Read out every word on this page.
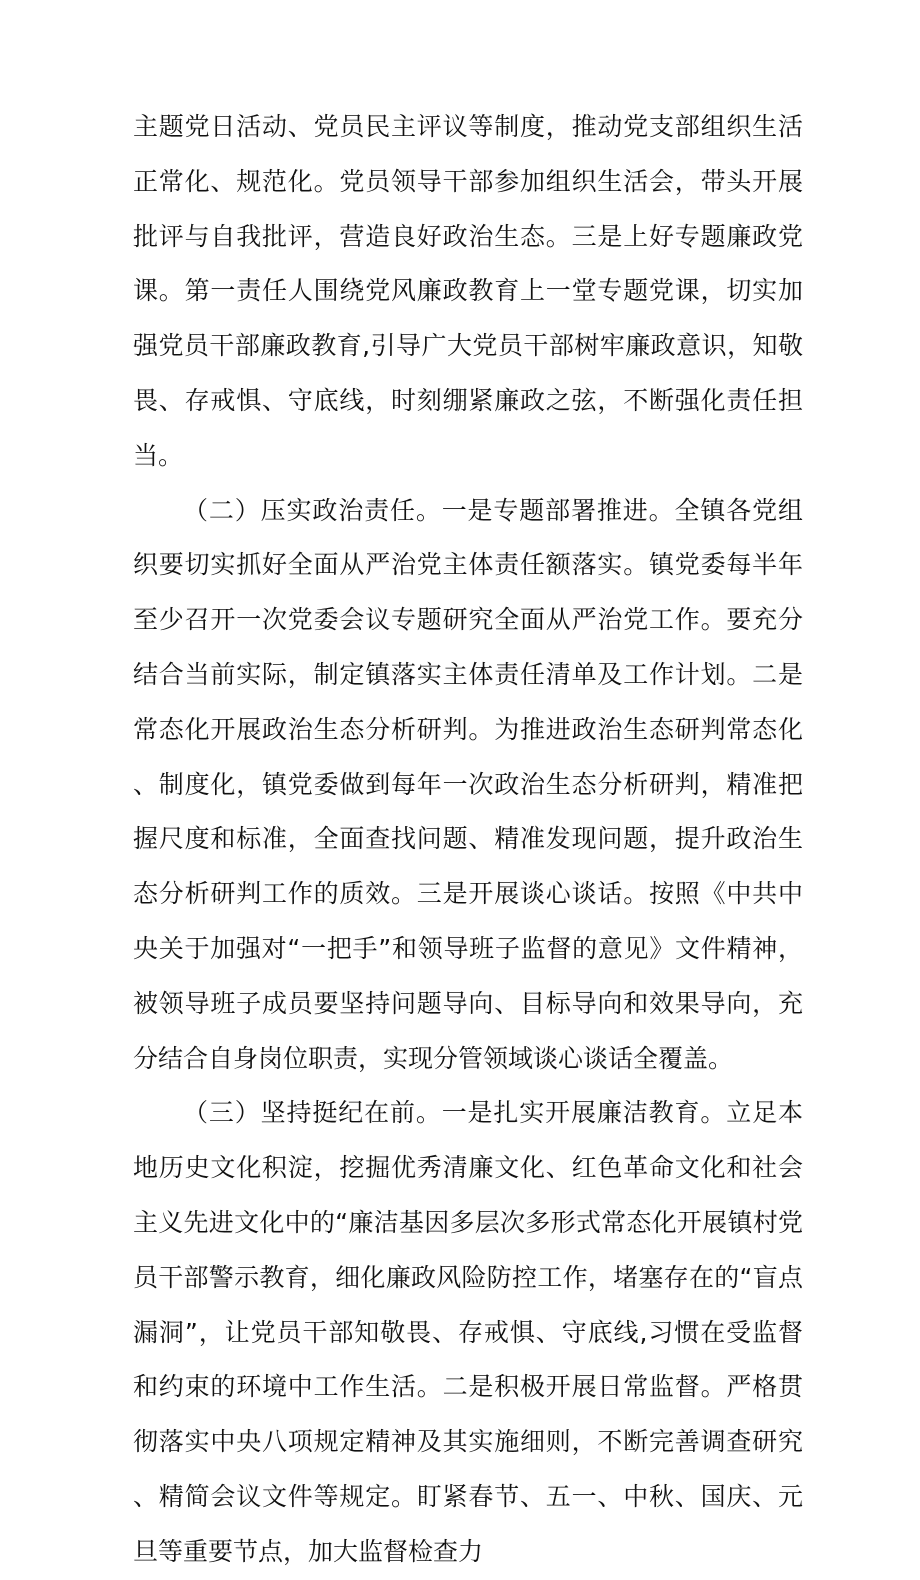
主题党日活动、党员民主评议等制度，推动党支部组织生活正常化、规范化。党员领导干部参加组织生活会，带头开展批评与自我批评，营造良好政治生态。三是上好专题廉政党课。第一责任人围绕党风廉政教育上一堂专题党课，切实加强党员干部廉政教育,引导广大党员干部树牢廉政意识，知敬畏、存戒惧、守底线，时刻绷紧廉政之弦，不断强化责任担当。

（二）压实政治责任。一是专题部署推进。全镇各党组织要切实抓好全面从严治党主体责任额落实。镇党委每半年至少召开一次党委会议专题研究全面从严治党工作。要充分结合当前实际，制定镇落实主体责任清单及工作计划。二是常态化开展政治生态分析研判。为推进政治生态研判常态化、制度化，镇党委做到每年一次政治生态分析研判，精准把握尺度和标准，全面查找问题、精准发现问题，提升政治生态分析研判工作的质效。三是开展谈心谈话。按照《中共中央关于加强对“一把手”和领导班子监督的意见》文件精神，被领导班子成员要坚持问题导向、目标导向和效果导向，充分结合自身岗位职责，实现分管领域谈心谈话全覆盖。

（三）坚持挺纪在前。一是扎实开展廉洁教育。立足本地历史文化积淀，挖掘优秀清廉文化、红色革命文化和社会主义先进文化中的“廉洁基因多层次多形式常态化开展镇村党员干部警示教育，细化廉政风险防控工作，堵塞存在的“盲点漏洞”，让党员干部知敬畏、存戒惧、守底线,习惯在受监督和约束的环境中工作生活。二是积极开展日常监督。严格贯彻落实中央八项规定精神及其实施细则，不断完善调查研究、精简会议文件等规定。盯紧春节、五一、中秋、国庆、元旦等重要节点，加大监督检查力
